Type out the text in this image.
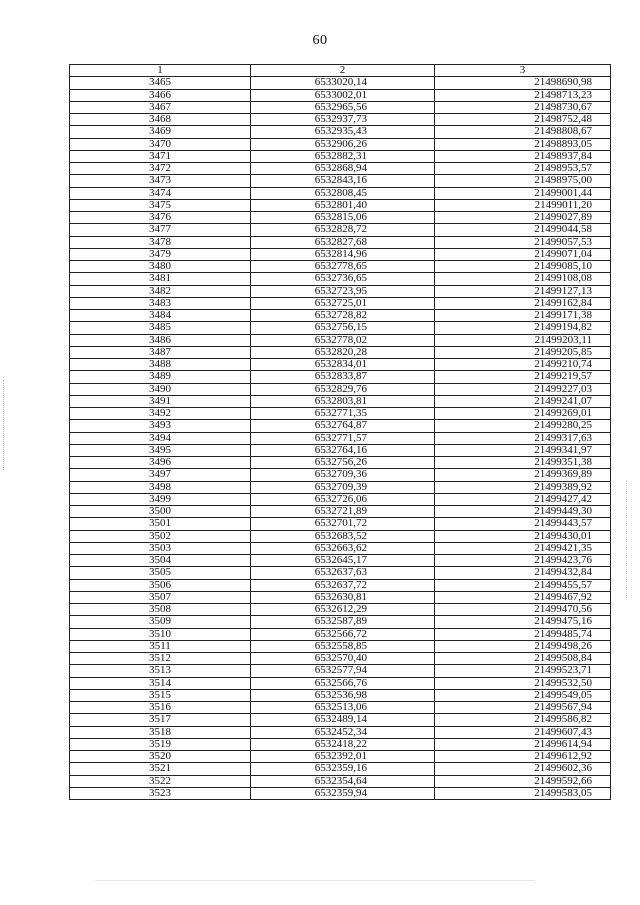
60
1	2	3
3465	6533020,14	21498690,98
3466	6533002,01	21498713,23
3467	6532965,56	21498730,67
3468	6532937,73	21498752,48
3469	6532935,43	21498808,67
3470	6532906,26	21498893,05
3471	6532882,31	21498937,84
3472	6532868,94	21498953,57
3473	6532843,16	21498975,00
3474	6532808,45	21499001,44
3475	6532801,40	21499011,20
3476	6532815,06	21499027,89
3477	6532828,72	21499044,58
3478	6532827,68	21499057,53
3479	6532814,96	21499071,04
3480	6532778,65	21499085,10
3481	6532736,65	21499108,08
3482	6532723,95	21499127,13
3483	6532725,01	21499162,84
3484	6532728,82	21499171,38
3485	6532756,15	21499194,82
3486	6532778,02	21499203,11
3487	6532820,28	21499205,85
3488	6532834,01	21499210,74
3489	6532833,87	21499219,57
3490	6532829,76	21499227,03
3491	6532803,81	21499241,07
3492	6532771,35	21499269,01
3493	6532764,87	21499280,25
3494	6532771,57	21499317,63
3495	6532764,16	21499341,97
3496	6532756,26	21499351,38
3497	6532709,36	21499369,89
3498	6532709,39	21499389,92
3499	6532726,06	21499427,42
3500	6532721,89	21499449,30
3501	6532701,72	21499443,57
3502	6532683,52	21499430,01
3503	6532663,62	21499421,35
3504	6532645,17	21499423,76
3505	6532637,63	21499432,84
3506	6532637,72	21499455,57
3507	6532630,81	21499467,92
3508	6532612,29	21499470,56
3509	6532587,89	21499475,16
3510	6532566,72	21499485,74
3511	6532558,85	21499498,26
3512	6532570,40	21499508,84
3513	6532577,94	21499523,71
3514	6532566,76	21499532,50
3515	6532536,98	21499549,05
3516	6532513,06	21499567,94
3517	6532489,14	21499586,82
3518	6532452,34	21499607,43
3519	6532418,22	21499614,94
3520	6532392,01	21499612,92
3521	6532359,16	21499602,36
3522	6532354,64	21499592,66
3523	6532359,94	21499583,05
